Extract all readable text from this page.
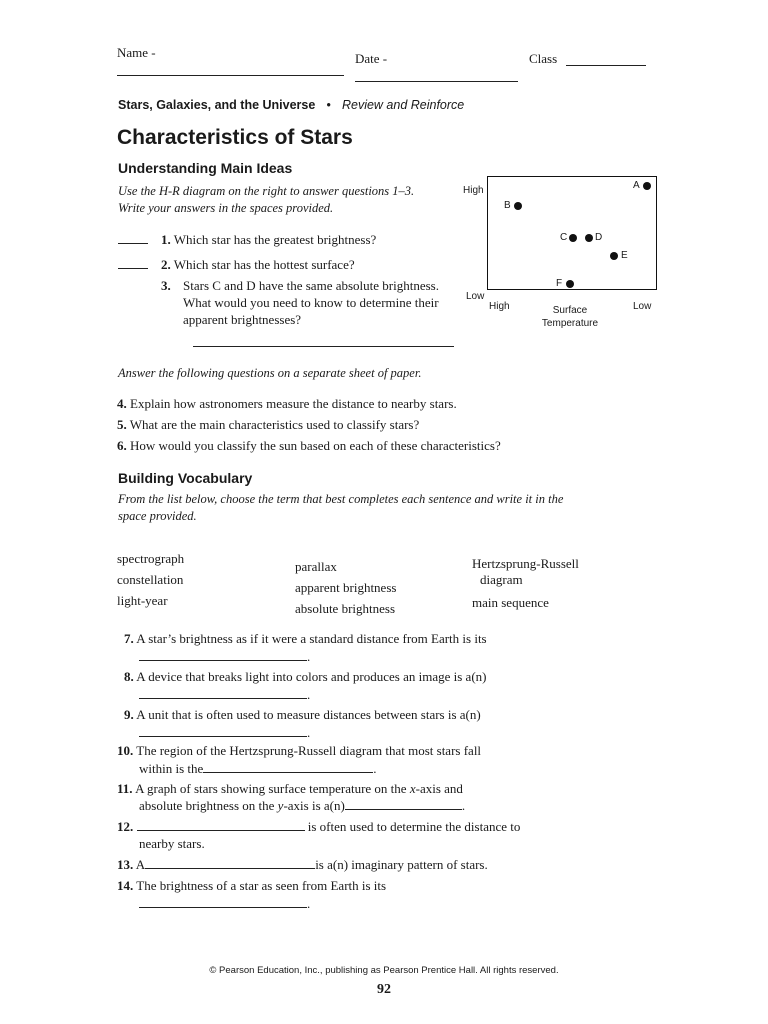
Name -	Date -	Class
Stars, Galaxies, and the Universe • Review and Reinforce
Characteristics of Stars
Understanding Main Ideas
Use the H-R diagram on the right to answer questions 1–3. Write your answers in the spaces provided.
1. Which star has the greatest brightness?
2. Which star has the hottest surface?
3. Stars C and D have the same absolute brightness. What would you need to know to determine their apparent brightnesses?
High
Low
High	Low
Surface
Temperature
A
B
C	D
E
F
Answer the following questions on a separate sheet of paper.
4. Explain how astronomers measure the distance to nearby stars.
5. What are the main characteristics used to classify stars?
6. How would you classify the sun based on each of these characteristics?
Building Vocabulary
From the list below, choose the term that best completes each sentence and write it in the space provided.
spectrograph
constellation
light-year
parallax
apparent brightness
absolute brightness
Hertzsprung-Russell
diagram
main sequence
7. A star’s brightness as if it were a standard distance from Earth is its
.
8. A device that breaks light into colors and produces an image is a(n)
.
9. A unit that is often used to measure distances between stars is a(n)
.
10. The region of the Hertzsprung-Russell diagram that most stars fall
within is the	.
11. A graph of stars showing surface temperature on the x-axis and
absolute brightness on the y-axis is a(n)	.
12.	is often used to determine the distance to
nearby stars.
13. A	is a(n) imaginary pattern of stars.
14. The brightness of a star as seen from Earth is its
.
© Pearson Education, Inc., publishing as Pearson Prentice Hall. All rights reserved.
92
